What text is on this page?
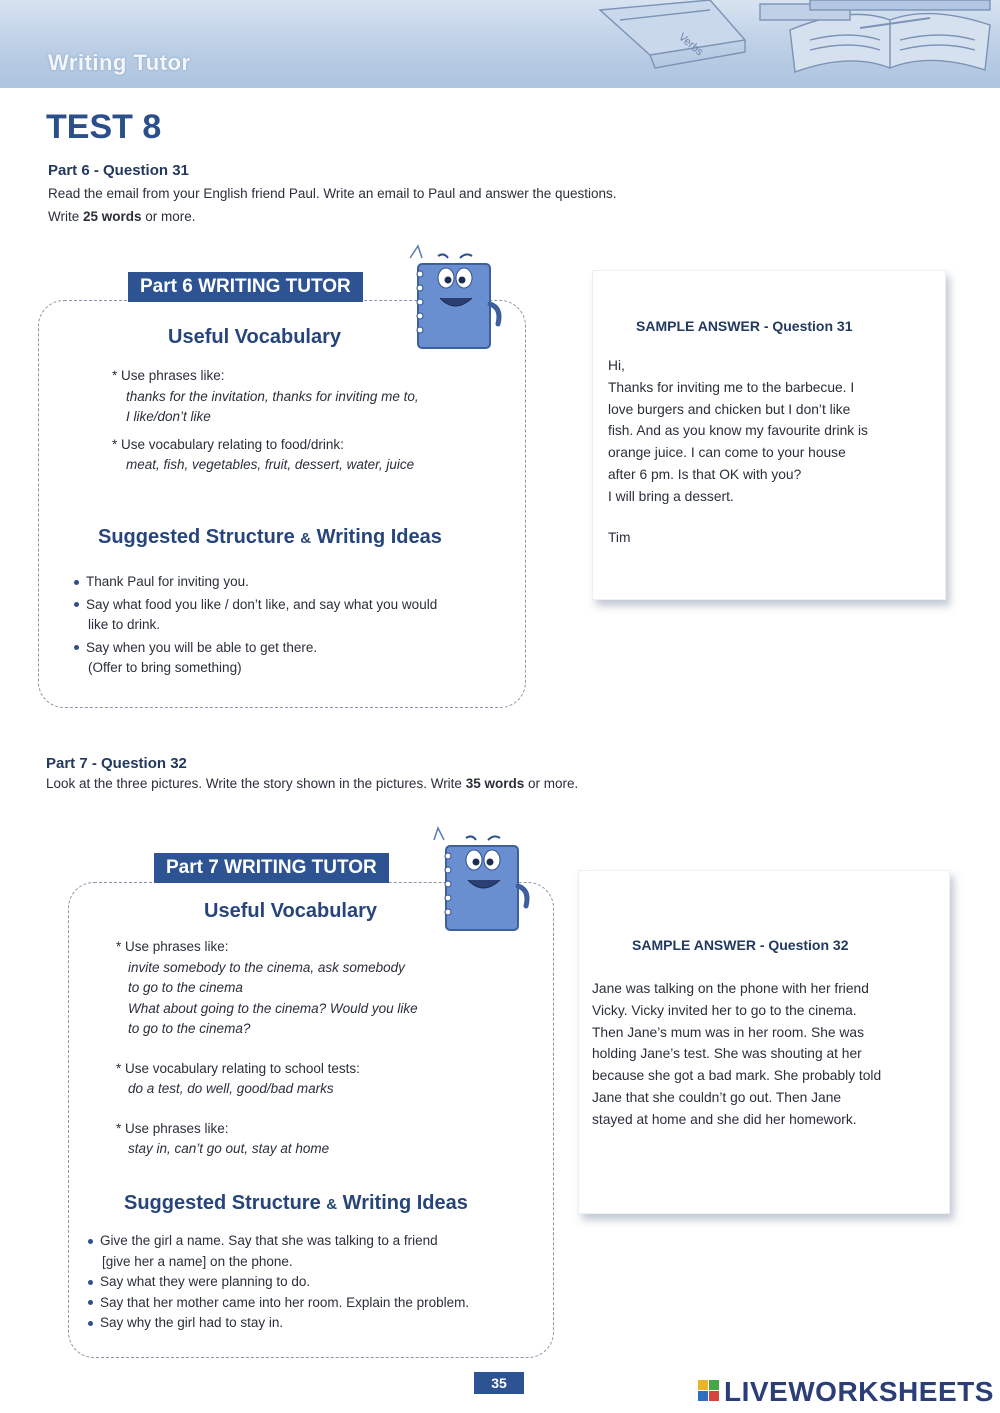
Verbs
Writing Tutor
TEST 8
Part 6 - Question 31
Read the email from your English friend Paul. Write an email to Paul and answer the questions.
Write 25 words or more.
Part 6 WRITING TUTOR
Useful Vocabulary
* Use phrases like:
thanks for the invitation, thanks for inviting me to,
I like/don’t like
* Use vocabulary relating to food/drink:
meat, fish, vegetables, fruit, dessert, water, juice
Suggested Structure & Writing Ideas
Thank Paul for inviting you.
Say what food you like / don’t like, and say what you would
like to drink.
Say when you will be able to get there.
(Offer to bring something)
SAMPLE ANSWER - Question 31
Hi,
Thanks for inviting me to the barbecue. I
love burgers and chicken but I don’t like
fish. And as you know my favourite drink is
orange juice. I can come to your house
after 6 pm. Is that OK with you?
I will bring a dessert.
Tim
Part 7 - Question 32
Look at the three pictures. Write the story shown in the pictures. Write 35 words or more.
Part 7 WRITING TUTOR
Useful Vocabulary
* Use phrases like:
invite somebody to the cinema, ask somebody
to go to the cinema
What about going to the cinema? Would you like
to go to the cinema?
* Use vocabulary relating to school tests:
do a test, do well, good/bad marks
* Use phrases like:
stay in, can’t go out, stay at home
Suggested Structure & Writing Ideas
Give the girl a name. Say that she was talking to a friend
[give her a name] on the phone.
Say what they were planning to do.
Say that her mother came into her room. Explain the problem.
Say why the girl had to stay in.
SAMPLE ANSWER - Question 32
Jane was talking on the phone with her friend
Vicky. Vicky invited her to go to the cinema.
Then Jane’s mum was in her room. She was
holding Jane’s test. She was shouting at her
because she got a bad mark. She probably told
Jane that she couldn’t go out. Then Jane
stayed at home and she did her homework.
35	LIVEWORKSHEETS
